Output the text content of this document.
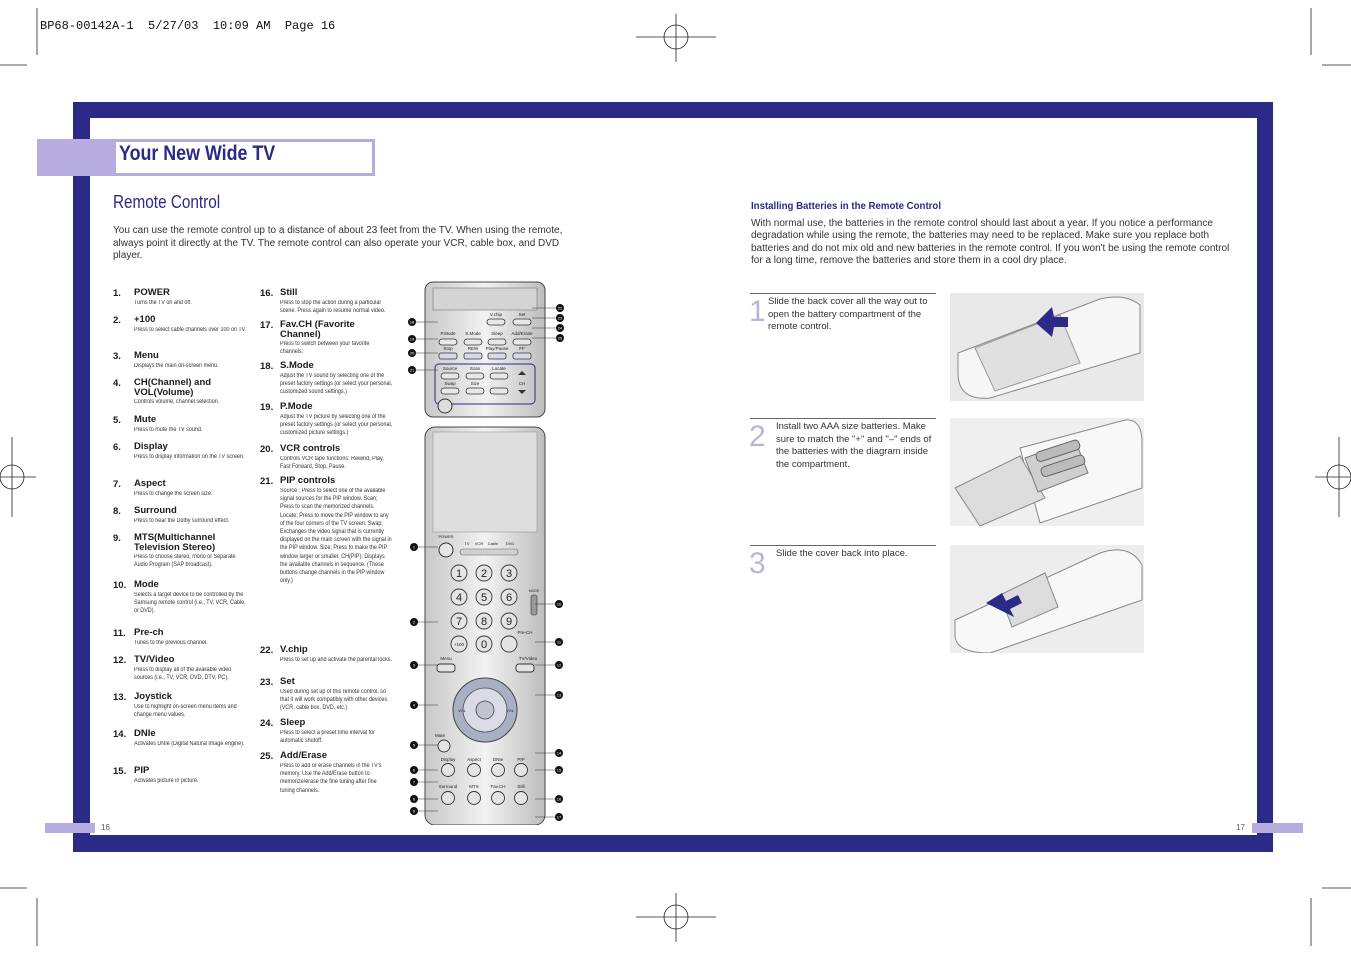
BP68-00142A-1  5/27/03  10:09 AM  Page 16
Your New Wide TV
Remote Control
You can use the remote control up to a distance of about 23 feet from the TV. When using the remote, always point it directly at the TV. The remote control can also operate your VCR, cable box, and DVD player.
1. POWER
Turns the TV on and off.
2. +100
Press to select cable channels over 100 on TV.
3. Menu
Displays the main on-screen menu.
4. CH(Channel) and VOL(Volume)
Controls volume, channel selection.
5. Mute
Press to mute the TV sound.
6. Display
Press to display information on the TV screen.
7. Aspect
Press to change the screen size.
8. Surround
Press to hear the Dolby surround effect.
9. MTS(Multichannel Television Stereo)
Press to choose stereo, mono or Separate Audio Program (SAP broadcast).
10. Mode
Selects a target device to be controlled by the Samsung remote control (i.e., TV, VCR, Cable, or DVD).
11. Pre-ch
Tunes to the previous channel.
12. TV/Video
Press to display all of the available video sources (i.e., TV, VCR, DVD, DTV, PC).
13. Joystick
Use to highlight on-screen menu items and change menu values.
14. DNIe
Activates DNIe (Digital Natural Image engine).
15. PIP
Activates picture in picture.
16. Still
Press to stop the action during a particular scene. Press again to resume normal video.
17. Fav.CH (Favorite Channel)
Press to switch between your favorite channels.
18. S.Mode
Adjust the TV sound by selecting one of the preset factory settings (or select your personal, customized sound settings.)
19. P.Mode
Adjust the TV picture by selecting one of the preset factory settings (or select your personal, customized picture settings.)
20. VCR controls
Controls VCR tape functions: Rewind, Play, Fast Forward, Stop, Pause.
21. PIP controls
Source ; Press to select one of the available signal sources for the PIP window. Scan; Press to scan the memorized channels. Locate; Press to move the PIP window to any of the four corners of the TV screen. Swap; Exchanges the video signal that is currently displayed on the main screen with the signal in the PIP window. Size; Press to make the PIP window larger or smaller. CH(PIP); Displays the available channels in sequence. (These buttons change channels in the PIP window only.)
22. V.chip
Press to set up and activate the parental locks.
23. Set
Used during set up of this remote control, so that it will work compatibly with other devices (VCR, cable box, DVD, etc.)
24. Sleep
Press to select a preset time interval for automatic shutoff.
25. Add/Erase
Press to add or erase channels in the TV's memory. Use the Add/Erase button to memorize/erase the fine tuning after fine tuning channels.
V.chip	Set
P.Mode S.Mode Sleep Add/Erase
Stop	REW Play/Pause FF
Source	Scan	Locate
Swap	Size	CH
18
19
20
21
22
23
24
25
POWER
TV VCR Cable DVD
1 2 3
4 5 6
7 8 9
0
MODE
+100
Pre-CH
Menu	TV/Video
VOL	VOL
Mute
Display	Aspect	DNIe	PIP
Surround	MTS	Fav.CH	Still
1
2
3
4
5
6
7
8
9
10
11
12
13
14
15
16
17
Installing Batteries in the Remote Control
With normal use, the batteries in the remote control should last about a year. If you notice a performance degradation while using the remote, the batteries may need to be replaced. Make sure you replace both batteries and do not mix old and new batteries in the remote control. If you won't be using the remote control for a long time, remove the batteries and store them in a cool dry place.
1 Slide the back cover all the way out to open the battery compartment of the remote control.
2 Install two AAA size batteries. Make sure to match the "+" and "–" ends of the batteries with the diagram inside the compartment.
3 Slide the cover back into place.
16	17
